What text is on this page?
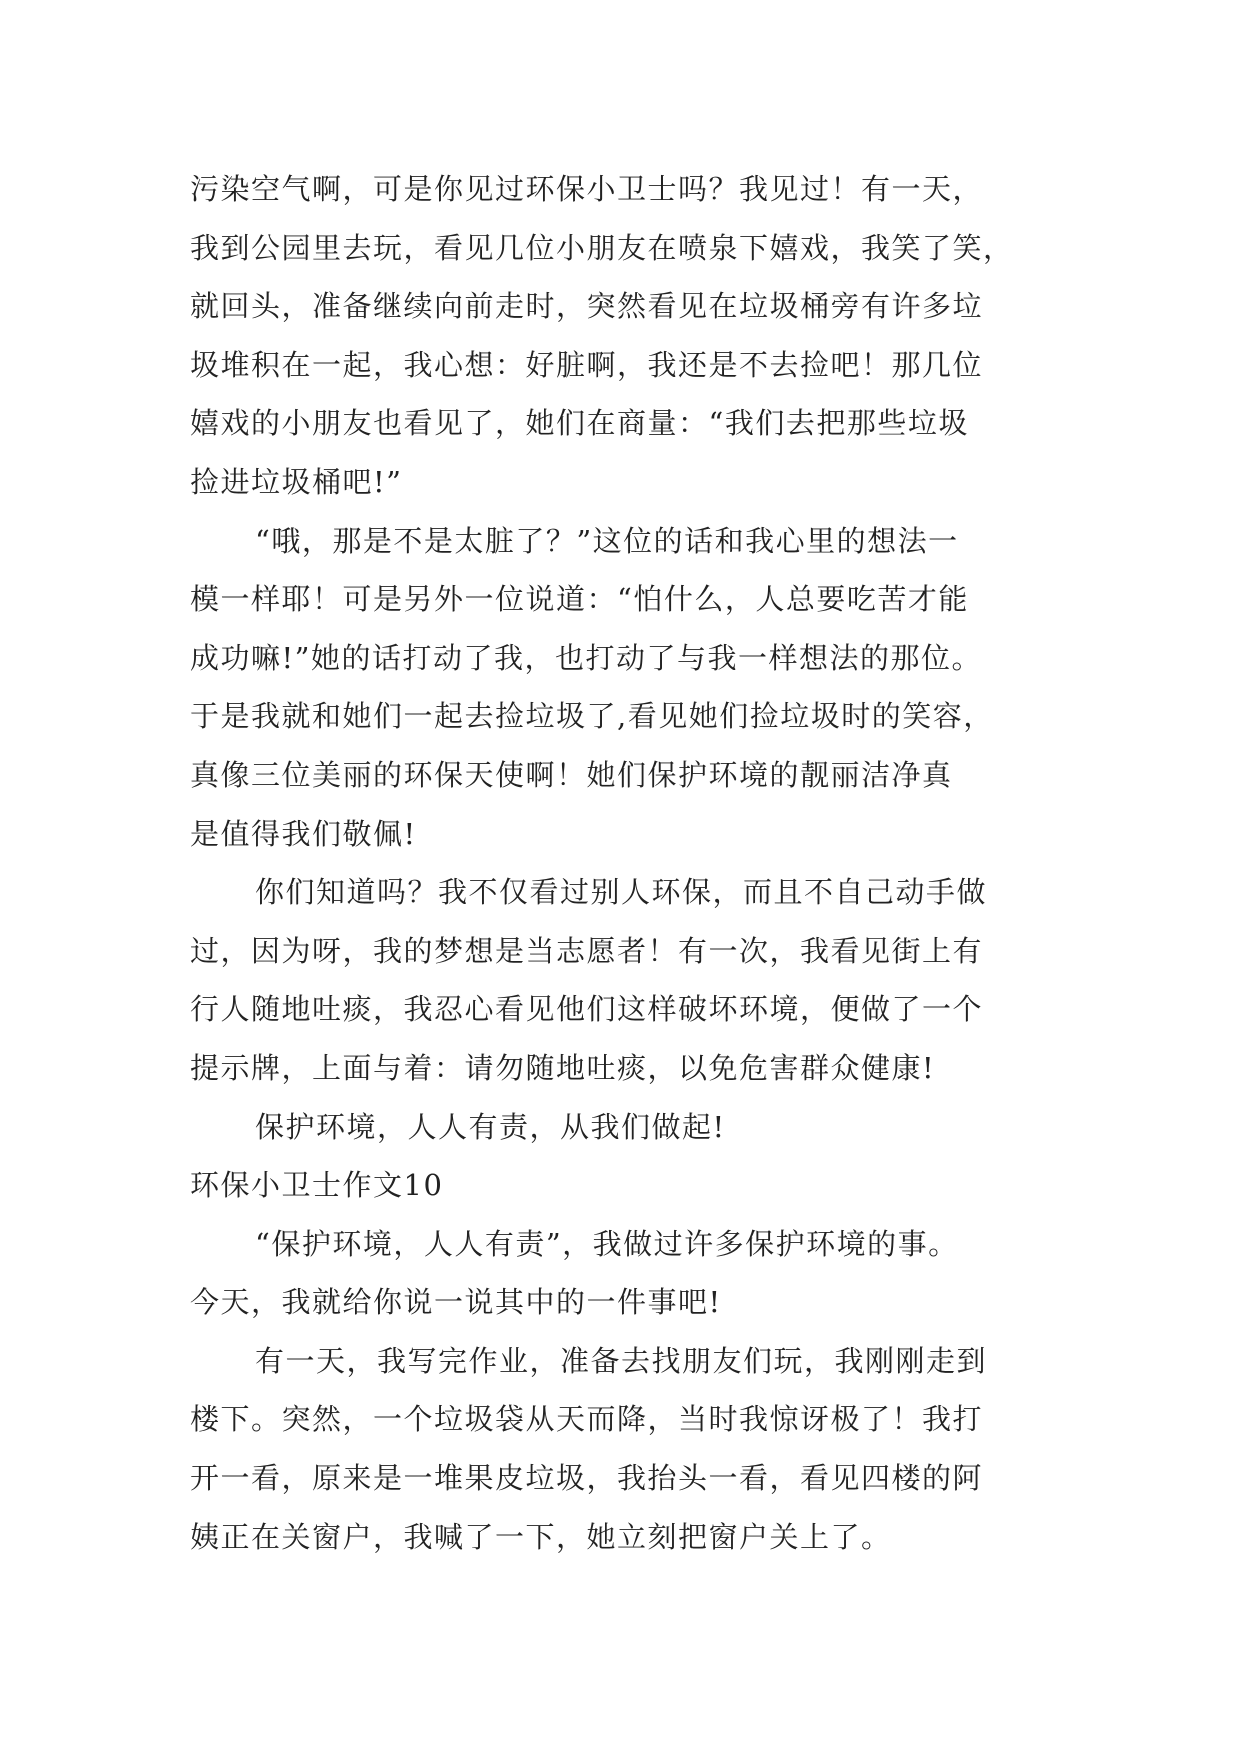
污染空气啊，可是你见过环保小卫士吗？我见过！有一天，
我到公园里去玩，看见几位小朋友在喷泉下嬉戏，我笑了笑，
就回头，准备继续向前走时，突然看见在垃圾桶旁有许多垃
圾堆积在一起，我心想：好脏啊，我还是不去捡吧！那几位
嬉戏的小朋友也看见了，她们在商量：“我们去把那些垃圾
捡进垃圾桶吧!”

“哦，那是不是太脏了？”这位的话和我心里的想法一
模一样耶！可是另外一位说道：“怕什么，人总要吃苦才能
成功嘛!”她的话打动了我，也打动了与我一样想法的那位。
于是我就和她们一起去捡垃圾了,看见她们捡垃圾时的笑容，
真像三位美丽的环保天使啊！她们保护环境的靓丽洁净真
是值得我们敬佩!

你们知道吗？我不仅看过别人环保，而且不自己动手做
过，因为呀，我的梦想是当志愿者！有一次，我看见街上有
行人随地吐痰，我忍心看见他们这样破坏环境，便做了一个
提示牌，上面与着：请勿随地吐痰，以免危害群众健康!

保护环境，人人有责，从我们做起!

环保小卫士作文10

“保护环境，人人有责”，我做过许多保护环境的事。
今天，我就给你说一说其中的一件事吧!

有一天，我写完作业，准备去找朋友们玩，我刚刚走到
楼下。突然，一个垃圾袋从天而降，当时我惊讶极了！我打
开一看，原来是一堆果皮垃圾，我抬头一看，看见四楼的阿
姨正在关窗户，我喊了一下，她立刻把窗户关上了。
